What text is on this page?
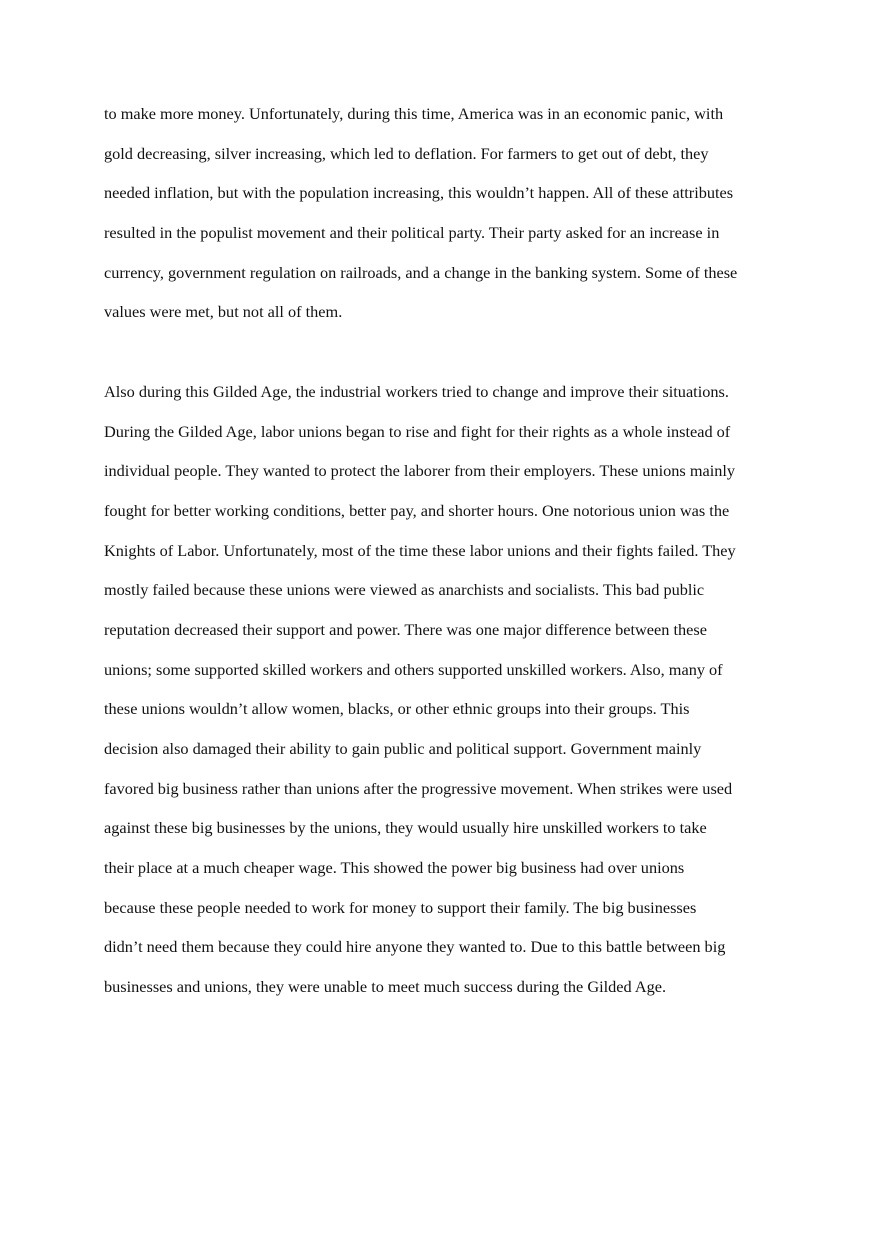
to make more money. Unfortunately, during this time, America was in an economic panic, with
gold decreasing, silver increasing, which led to deflation. For farmers to get out of debt, they
needed inflation, but with the population increasing, this wouldn’t happen. All of these attributes
resulted in the populist movement and their political party. Their party asked for an increase in
currency, government regulation on railroads, and a change in the banking system. Some of these
values were met, but not all of them.
Also during this Gilded Age, the industrial workers tried to change and improve their situations.
During the Gilded Age, labor unions began to rise and fight for their rights as a whole instead of
individual people. They wanted to protect the laborer from their employers. These unions mainly
fought for better working conditions, better pay, and shorter hours. One notorious union was the
Knights of Labor. Unfortunately, most of the time these labor unions and their fights failed. They
mostly failed because these unions were viewed as anarchists and socialists. This bad public
reputation decreased their support and power. There was one major difference between these
unions; some supported skilled workers and others supported unskilled workers. Also, many of
these unions wouldn’t allow women, blacks, or other ethnic groups into their groups. This
decision also damaged their ability to gain public and political support. Government mainly
favored big business rather than unions after the progressive movement. When strikes were used
against these big businesses by the unions, they would usually hire unskilled workers to take
their place at a much cheaper wage. This showed the power big business had over unions
because these people needed to work for money to support their family. The big businesses
didn’t need them because they could hire anyone they wanted to. Due to this battle between big
businesses and unions, they were unable to meet much success during the Gilded Age.
